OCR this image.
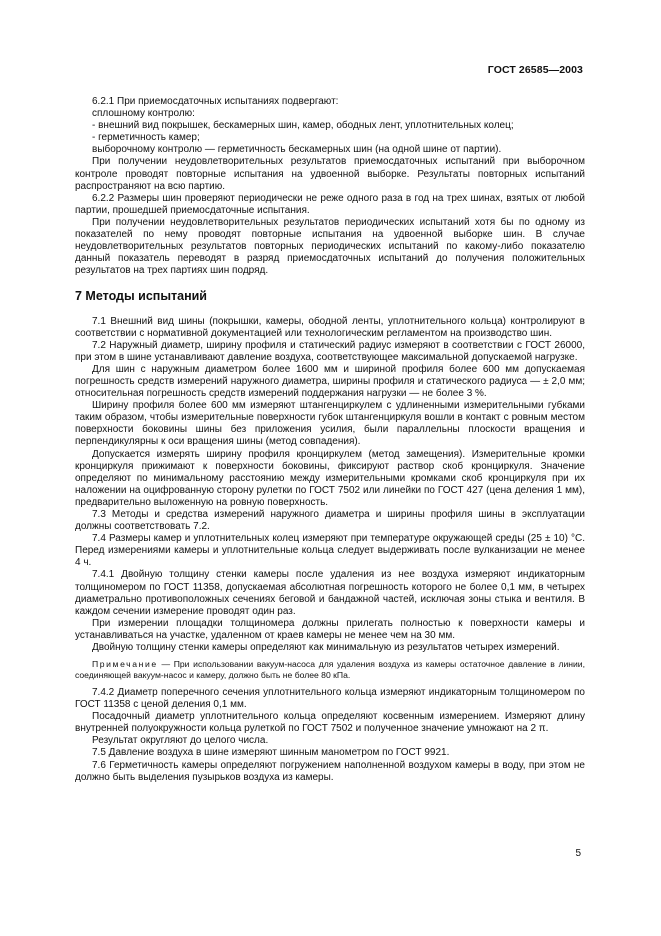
ГОСТ 26585—2003

6.2.1 При приемосдаточных испытаниях подвергают:

сплошному контролю:

- внешний вид покрышек, бескамерных шин, камер, ободных лент, уплотнительных колец;

- герметичность камер;

выборочному контролю — герметичность бескамерных шин (на одной шине от партии).

При получении неудовлетворительных результатов приемосдаточных испытаний при выборочном контроле проводят повторные испытания на удвоенной выборке. Результаты повторных испытаний распространяют на всю партию.

6.2.2 Размеры шин проверяют периодически не реже одного раза в год на трех шинах, взятых от любой партии, прошедшей приемосдаточные испытания.

При получении неудовлетворительных результатов периодических испытаний хотя бы по одному из показателей по нему проводят повторные испытания на удвоенной выборке шин. В случае неудовлетворительных результатов повторных периодических испытаний по какому-либо показателю данный показатель переводят в разряд приемосдаточных испытаний до получения положительных результатов на трех партиях шин подряд.

7 Методы испытаний

7.1 Внешний вид шины (покрышки, камеры, ободной ленты, уплотнительного кольца) контролируют в соответствии с нормативной документацией или технологическим регламентом на производство шин.

7.2 Наружный диаметр, ширину профиля и статический радиус измеряют в соответствии с ГОСТ 26000, при этом в шине устанавливают давление воздуха, соответствующее максимальной допускаемой нагрузке.

Для шин с наружным диаметром более 1600 мм и шириной профиля более 600 мм допускаемая погрешность средств измерений наружного диаметра, ширины профиля и статического радиуса — ± 2,0 мм; относительная погрешность средств измерений поддержания нагрузки — не более 3 %.

Ширину профиля более 600 мм измеряют штангенциркулем с удлиненными измерительными губками таким образом, чтобы измерительные поверхности губок штангенциркуля вошли в контакт с ровным местом поверхности боковины шины без приложения усилия, были параллельны плоскости вращения и перпендикулярны к оси вращения шины (метод совпадения).

Допускается измерять ширину профиля кронциркулем (метод замещения). Измерительные кромки кронциркуля прижимают к поверхности боковины, фиксируют раствор скоб кронциркуля. Значение определяют по минимальному расстоянию между измерительными кромками скоб кронциркуля при их наложении на оцифрованную сторону рулетки по ГОСТ 7502 или линейки по ГОСТ 427 (цена деления 1 мм), предварительно выложенную на ровную поверхность.

7.3 Методы и средства измерений наружного диаметра и ширины профиля шины в эксплуатации должны соответствовать 7.2.

7.4 Размеры камер и уплотнительных колец измеряют при температуре окружающей среды (25 ± 10) °С. Перед измерениями камеры и уплотнительные кольца следует выдерживать после вулканизации не менее 4 ч.

7.4.1 Двойную толщину стенки камеры после удаления из нее воздуха измеряют индикаторным толщиномером по ГОСТ 11358, допускаемая абсолютная погрешность которого не более 0,1 мм, в четырех диаметрально противоположных сечениях беговой и бандажной частей, исключая зоны стыка и вентиля. В каждом сечении измерение проводят один раз.

При измерении площадки толщиномера должны прилегать полностью к поверхности камеры и устанавливаться на участке, удаленном от краев камеры не менее чем на 30 мм.

Двойную толщину стенки камеры определяют как минимальную из результатов четырех измерений.

Примечание — При использовании вакуум-насоса для удаления воздуха из камеры остаточное давление в линии, соединяющей вакуум-насос и камеру, должно быть не более 80 кПа.

7.4.2 Диаметр поперечного сечения уплотнительного кольца измеряют индикаторным толщиномером по ГОСТ 11358 с ценой деления 0,1 мм.

Посадочный диаметр уплотнительного кольца определяют косвенным измерением. Измеряют длину внутренней полуокружности кольца рулеткой по ГОСТ 7502 и полученное значение умножают на 2 π.

Результат округляют до целого числа.

7.5 Давление воздуха в шине измеряют шинным манометром по ГОСТ 9921.

7.6 Герметичность камеры определяют погружением наполненной воздухом камеры в воду, при этом не должно быть выделения пузырьков воздуха из камеры.

5
